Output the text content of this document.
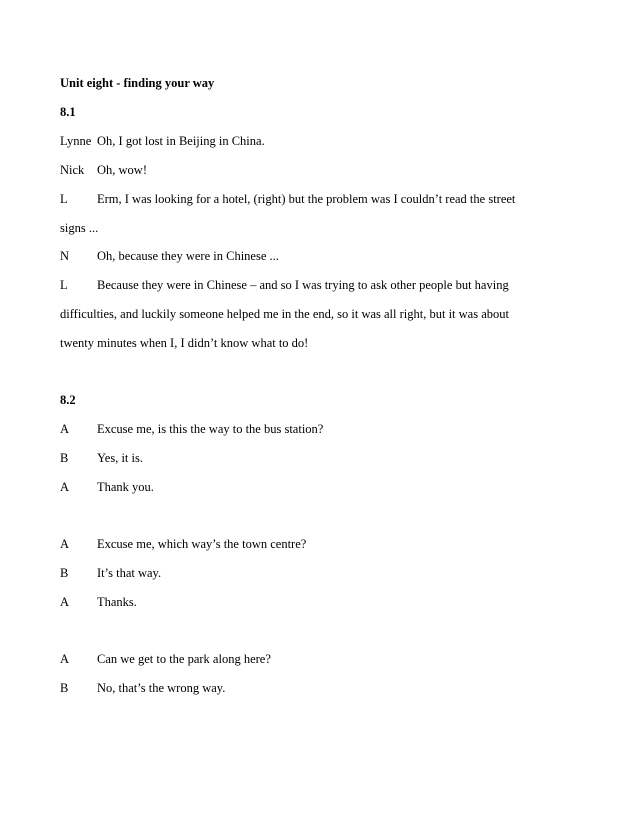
Unit eight - finding your way
8.1
Lynne Oh, I got lost in Beijing in China.
Nick Oh, wow!
L Erm, I was looking for a hotel, (right) but the problem was I couldn’t read the street
signs ...
N Oh, because they were in Chinese ...
L Because they were in Chinese – and so I was trying to ask other people but having
difficulties, and luckily someone helped me in the end, so it was all right, but it was about
twenty minutes when I, I didn’t know what to do!
8.2
A Excuse me, is this the way to the bus station?
B Yes, it is.
A Thank you.
A Excuse me, which way’s the town centre?
B It’s that way.
A Thanks.
A Can we get to the park along here?
B No, that’s the wrong way.
